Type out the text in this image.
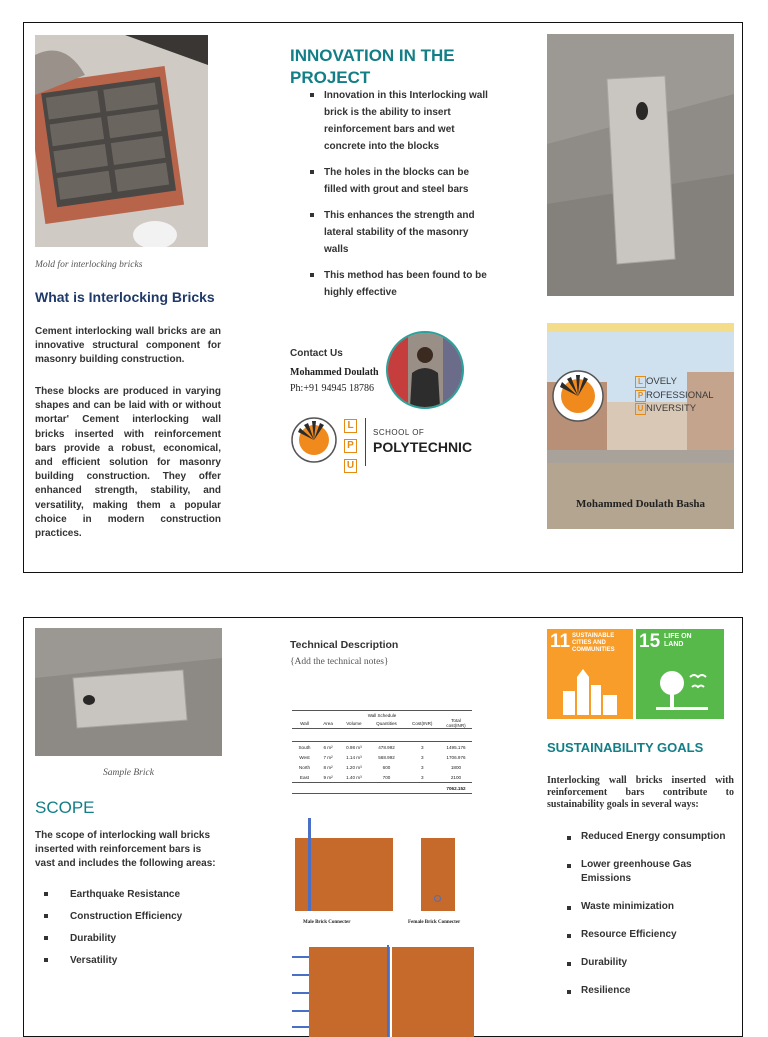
Mold for interlocking bricks
What is Interlocking Bricks
Cement interlocking wall bricks are an innovative structural component for masonry building construction.
These blocks are produced in varying shapes and can be laid with or without mortar' Cement interlocking wall bricks inserted with reinforcement bars provide a robust, economical, and efficient solution for masonry building construction. They offer enhanced strength, stability, and versatility, making them a popular choice in modern construction practices.
INNOVATION IN THE PROJECT
Innovation in this Interlocking wall brick is the ability to insert reinforcement bars and wet concrete into the blocks
The holes in the blocks can be filled with grout and steel bars
This enhances the strength and lateral stability of the masonry walls
This method has been found to be highly effective
Contact Us
Mohammed Doulath
Ph:+91 94945 18786
L P U
SCHOOL OF
POLYTECHNIC
L OVELY
P ROFESSIONAL
U NIVERSITY
Mohammed Doulath Basha
Sample Brick
SCOPE
The scope of interlocking wall bricks inserted with reinforcement bars is vast and includes the following areas:
Earthquake Resistance
Construction Efficiency
Durability
Versatility
Technical Description
{Add the technical notes}
Wall Schedule
Wall	Area	Volume	Quantities	Cost(INR)	Total cost(INR)

South	6 m²	0.98 m³	478.992	3	1495.176
West	7 m²	1.14 m³	568.992	3	1706.976
North	8 m²	1.20 m³	600	3	1800
East	9 m²	1.40 m³	700	3	2100
					7062.152
Male Brick Connecter	Female Brick Connecter
11 SUSTAINABLE CITIES AND COMMUNITIES	15 LIFE ON LAND
SUSTAINABILITY GOALS
Interlocking wall bricks inserted with reinforcement bars contribute to sustainability goals in several ways:
Reduced Energy consumption
Lower greenhouse Gas Emissions
Waste minimization
Resource Efficiency
Durability
Resilience
